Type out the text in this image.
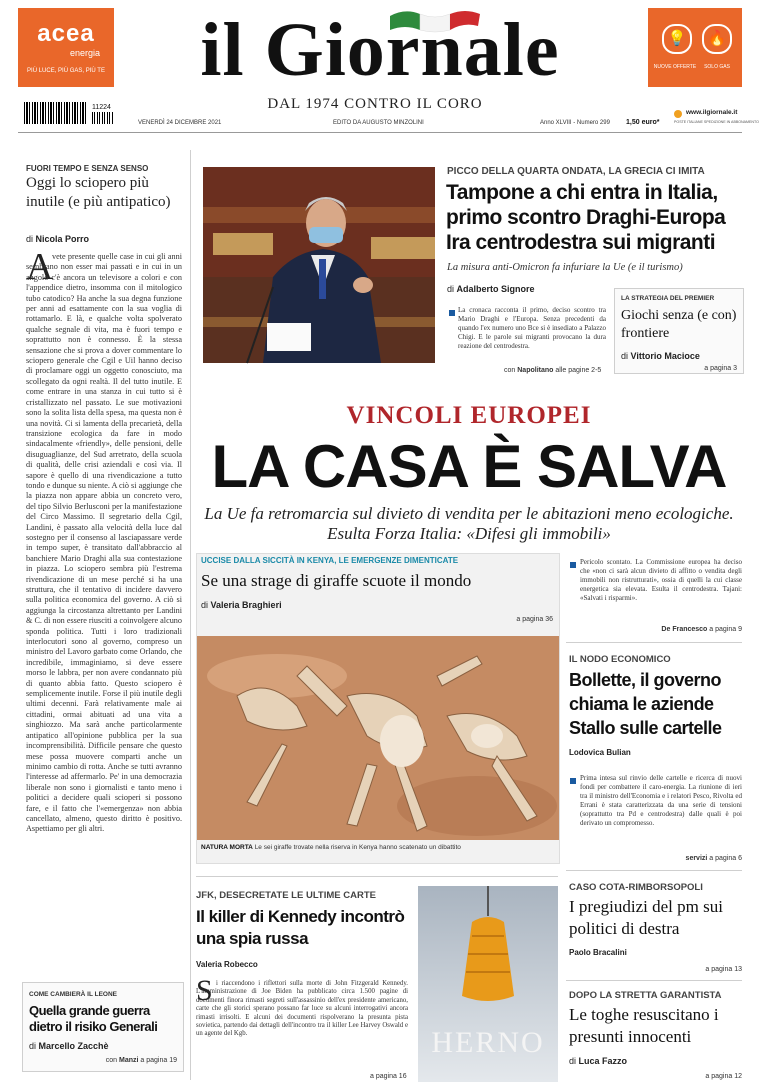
acea
energia
PIÙ LUCE, PIÙ GAS, PIÙ TE	il Giornale	💡	🔥
NUOVE OFFERTE	SOLO GAS
DAL 1974 CONTRO IL CORO
11224
VENERDÌ 24 DICEMBRE 2021	EDITO DA AUGUSTO MINZOLINI	Anno XLVIII - Numero 299 1,50 euro*
www.ilgiornale.it
POSTE ITALIANE SPEDIZIONE IN ABBONAMENTO
FUORI TEMPO E SENZA SENSO
Oggi lo sciopero più inutile (e più antipatico)
di Nicola Porro
A
vete presente quelle case in cui gli anni sembrano non esser mai passati e in cui in un angolo c'è ancora un televisore a colori e con l'appendice dietro, insomma con il mitologico tubo catodico? Ha anche la sua degna funzione per anni ad esattamente con la sua voglia di rottamarlo. E là, e qualche volta spolverato qualche segnale di vita, ma è fuori tempo e soprattutto non è connesso. È la stessa sensazione che si prova a dover commentare lo sciopero generale che Cgil e Uil hanno deciso di proclamare oggi un oggetto conosciuto, ma scollegato da ogni realtà. Il del tutto inutile. E come entrare in una stanza in cui tutto si è cristallizzato nel passato. Le sue motivazioni sono la solita lista della spesa, ma questa non è una novità. Ci si lamenta della precarietà, della transizione ecologica da fare in modo sindacalmente «friendly», delle pensioni, delle disuguaglianze, del Sud arretrato, della scuola di qualità, delle crisi aziendali e così via. Il sapore è quello di una rivendicazione a tutto tondo e dunque su niente. A ciò si aggiunge che la piazza non appare abbia un concreto vero, del tipo Silvio Berlusconi per la manifestazione del Circo Massimo. Il segretario della Cgil, Landini, è passato alla velocità della luce dal sostegno per il consenso al lasciapassare verde in tempo super, è transitato dall'abbraccio al banchiere Mario Draghi alla sua contestazione in piazza. Lo sciopero sembra più l'estrema rivendicazione di un mese perché si ha una struttura, che il tentativo di incidere davvero sulla politica economica del governo. A ciò si aggiunga la circostanza altrettanto per Landini & C. di non essere riusciti a coinvolgere alcuno sponda politica. Tutti i loro tradizionali interlocutori sono al governo, compreso un ministro del Lavoro garbato come Orlando, che incredibile, immaginiamo, si deve essere morso le labbra, per non avere condannato più di quanto abbia fatto. Questo sciopero è semplicemente inutile. Forse il più inutile degli ultimi decenni. Farà relativamente male ai cittadini, ormai abituati ad una vita a singhiozzo. Ma sarà anche particolarmente antipatico all'opinione pubblica per la sua incomprensibilità. Difficile pensare che questo mese possa muovere comparti anche un minimo cambio di rotta. Anche se tutti avranno l'interesse ad affermarlo. Pe' in una democrazia liberale non sono i giornalisti e tanto meno i politici a decidere quali scioperi si possono fare, e il fatto che l'«emergenza» non abbia cancellato, almeno, questo diritto è positivo. Aspettiamo per gli altri.
COME CAMBIERÀ IL LEONE
Quella grande guerra dietro il risiko Generali
di Marcello Zacchè
con Manzi a pagina 19
PICCO DELLA QUARTA ONDATA, LA GRECIA CI IMITA
Tampone a chi entra in Italia, primo scontro Draghi-Europa Ira centrodestra sui migranti
La misura anti-Omicron fa infuriare la Ue (e il turismo)
di Adalberto Signore
La cronaca racconta il primo, deciso scontro tra Mario Draghi e l'Europa. Senza precedenti da quando l'ex numero uno Bce si è insediato a Palazzo Chigi. E le parole sui migranti provocano la dura reazione del centrodestra.
con Napolitano alle pagine 2-5
LA STRATEGIA DEL PREMIER
Giochi senza (e con) frontiere
di Vittorio Macioce
a pagina 3
VINCOLI EUROPEI
LA CASA È SALVA
La Ue fa retromarcia sul divieto di vendita per le abitazioni meno ecologiche. Esulta Forza Italia: «Difesi gli immobili»
UCCISE DALLA SICCITÀ IN KENYA, LE EMERGENZE DIMENTICATE
Se una strage di giraffe scuote il mondo
di Valeria Braghieri
a pagina 36
NATURA MORTA Le sei giraffe trovate nella riserva in Kenya hanno scatenato un dibattito
Pericolo scontato. La Commissione europea ha deciso che «non ci sarà alcun divieto di affitto o vendita degli immobili non ristrutturati», ossia di quelli la cui classe energetica sia elevata. Esulta il centrodestra. Tajani: «Salvati i risparmi».
De Francesco a pagina 9
IL NODO ECONOMICO
Bollette, il governo chiama le aziende Stallo sulle cartelle
Lodovica Bulian
Prima intesa sul rinvio delle cartelle e ricerca di nuovi fondi per combattere il caro-energia. La riunione di ieri tra il ministro dell'Economia e i relatori Pesco, Rivolta ed Errani è stata caratterizzata da una serie di tensioni (soprattutto tra Pd e centrodestra) dalle quali è poi derivato un compromesso.
servizi a pagina 6
JFK, DESECRETATE LE ULTIME CARTE
Il killer di Kennedy incontrò una spia russa
Valeria Robecco
S i riaccendono i riflettori sulla morte di John Fitzgerald Kennedy. L'amministrazione di Joe Biden ha pubblicato circa 1.500 pagine di documenti finora rimasti segreti sull'assassinio dell'ex presidente americano, carte che gli storici sperano possano far luce su alcuni interrogativi ancora rimasti irrisolti. E alcuni dei documenti rispolverano la presunta pista sovietica, partendo dai dettagli dell'incontro tra il killer Lee Harvey Oswald e un agente del Kgb.
a pagina 16
HERNO
CASO COTA-RIMBORSOPOLI
I pregiudizi del pm sui politici di destra
Paolo Bracalini
a pagina 13
DOPO LA STRETTA GARANTISTA
Le toghe resuscitano i presunti innocenti
di Luca Fazzo
a pagina 12
